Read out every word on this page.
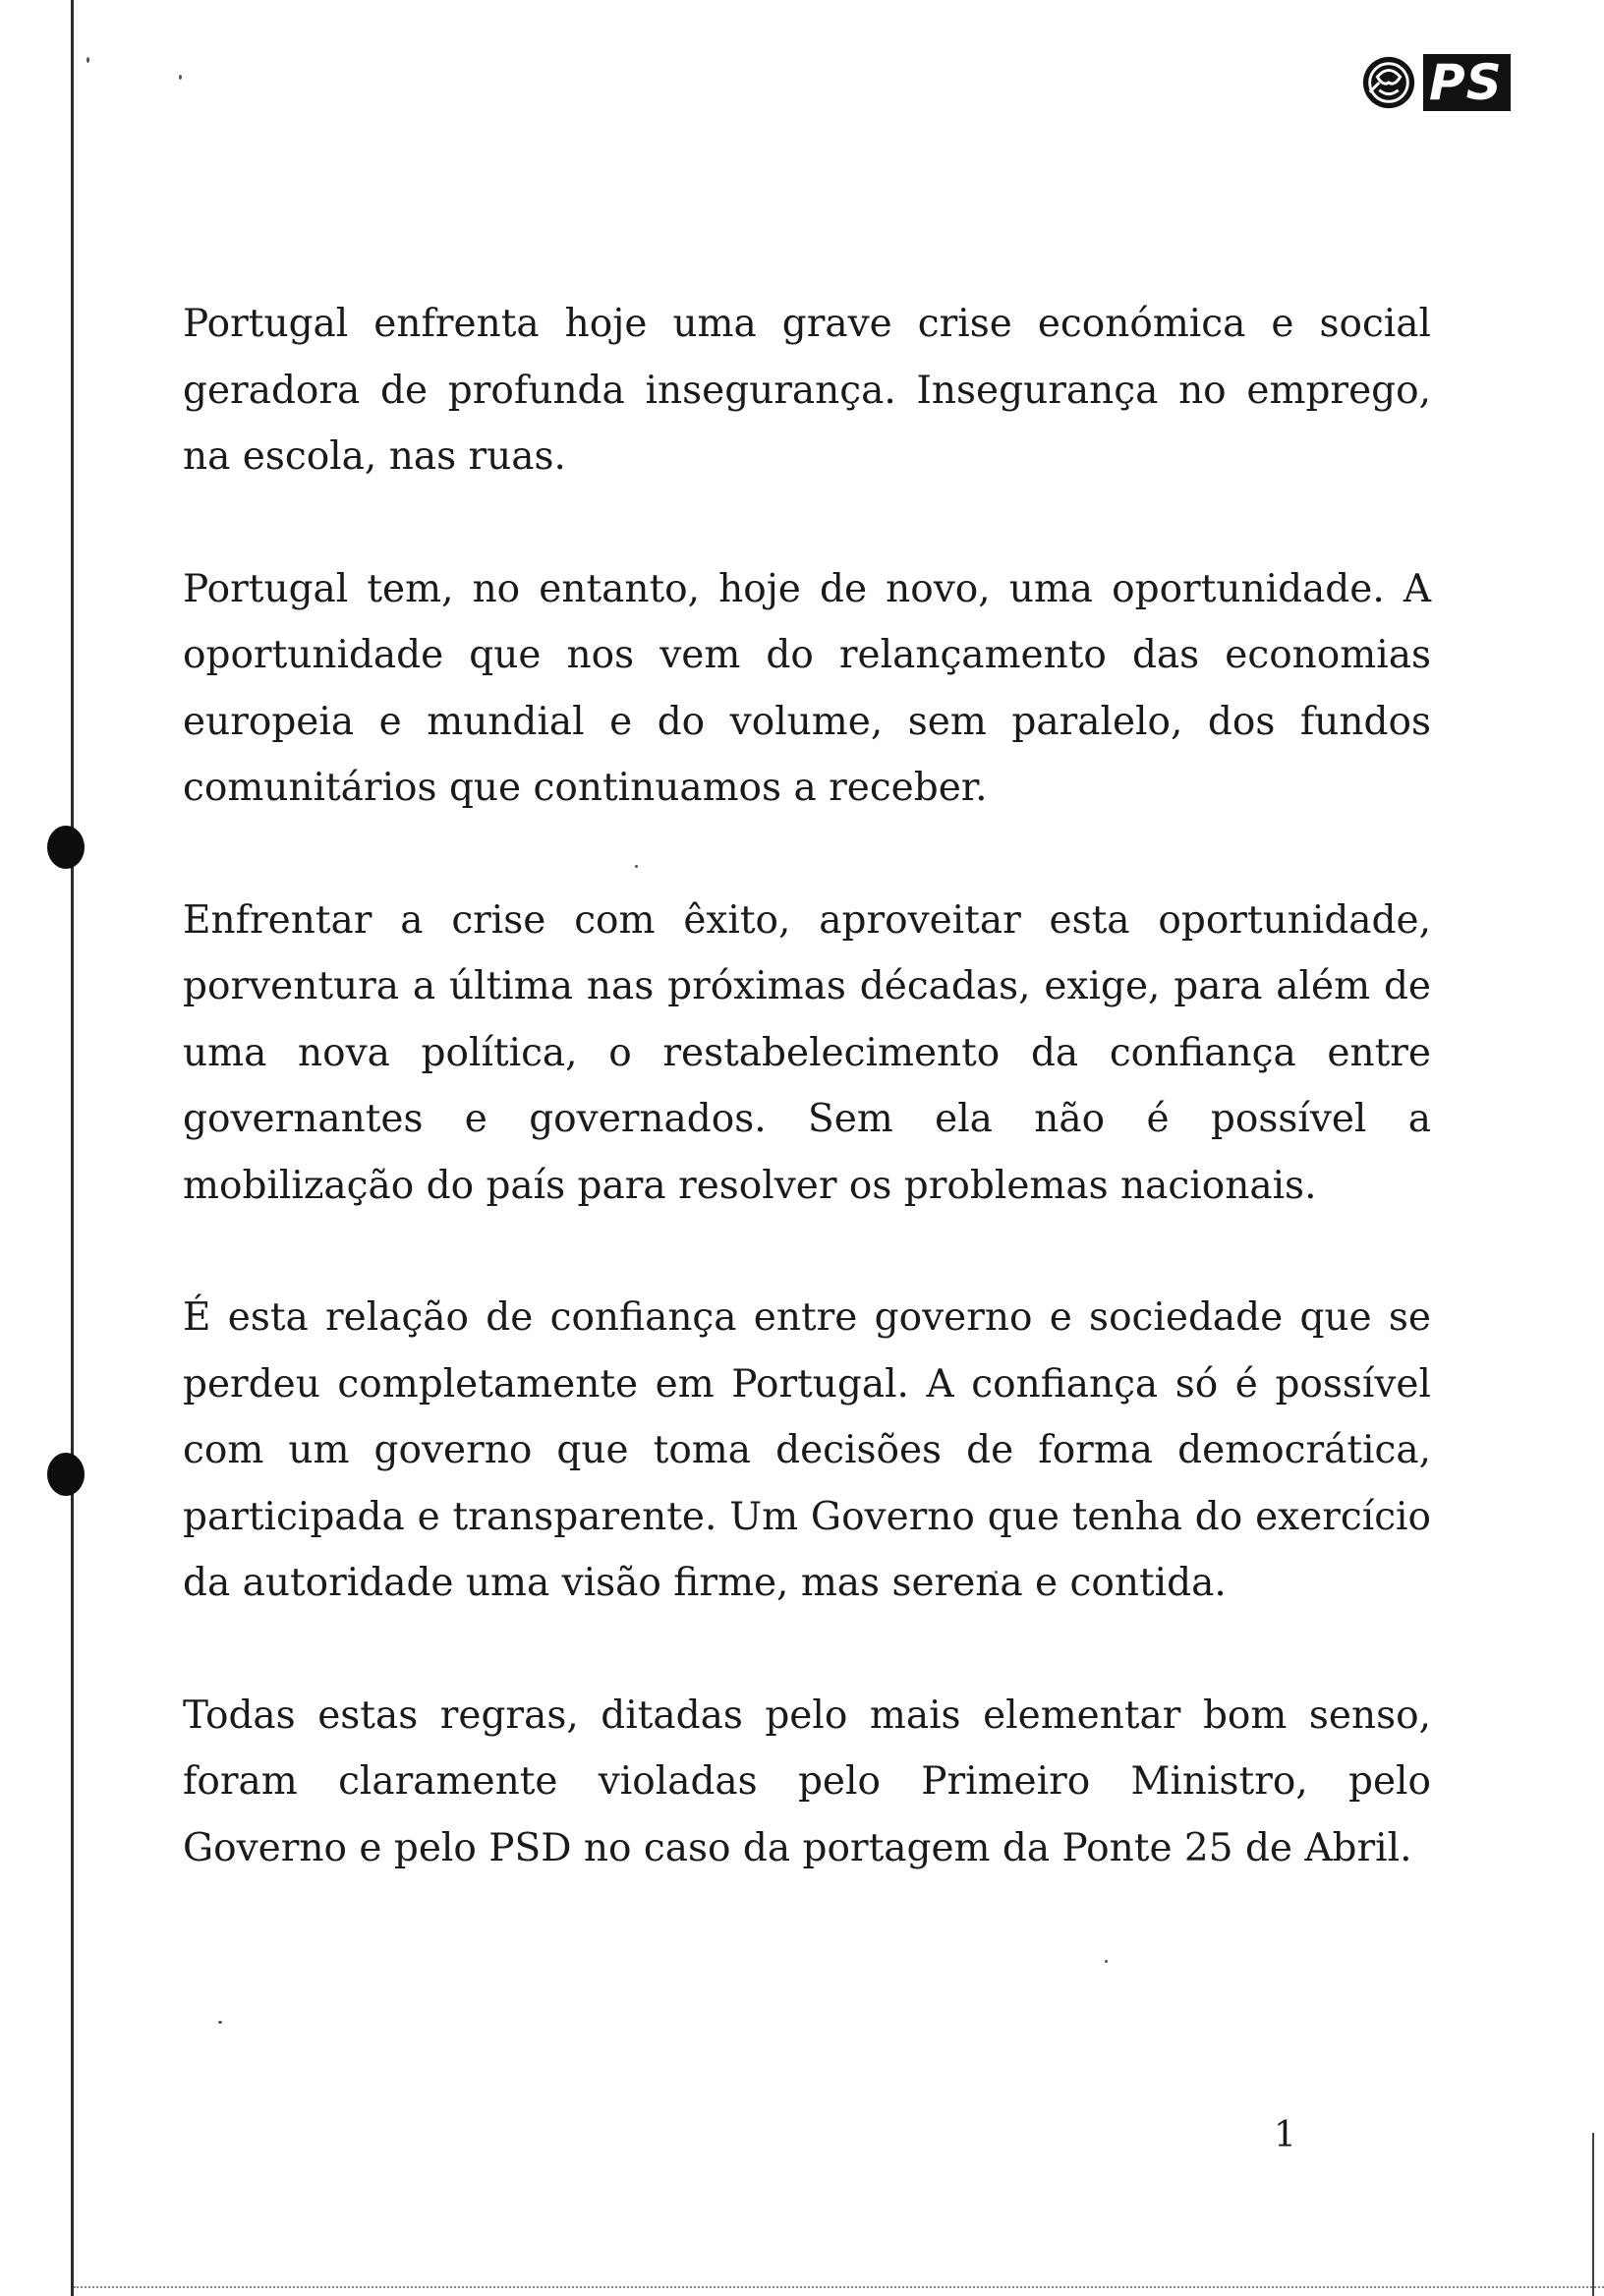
PS

Portugal enfrenta hoje uma grave crise económica e social geradora de profunda insegurança. Insegurança no emprego, na escola, nas ruas.

Portugal tem, no entanto, hoje de novo, uma oportunidade. A oportunidade que nos vem do relançamento das economias europeia e mundial e do volume, sem paralelo, dos fundos comunitários que continuamos a receber.

Enfrentar a crise com êxito, aproveitar esta oportunidade, porventura a última nas próximas décadas, exige, para além de uma nova política, o restabelecimento da confiança entre governantes e governados. Sem ela não é possível a mobilização do país para resolver os problemas nacionais.

É esta relação de confiança entre governo e sociedade que se perdeu completamente em Portugal. A confiança só é possível com um governo que toma decisões de forma democrática, participada e transparente. Um Governo que tenha do exercício da autoridade uma visão firme, mas serena e contida.

Todas estas regras, ditadas pelo mais elementar bom senso, foram claramente violadas pelo Primeiro Ministro, pelo Governo e pelo PSD no caso da portagem da Ponte 25 de Abril.

1
